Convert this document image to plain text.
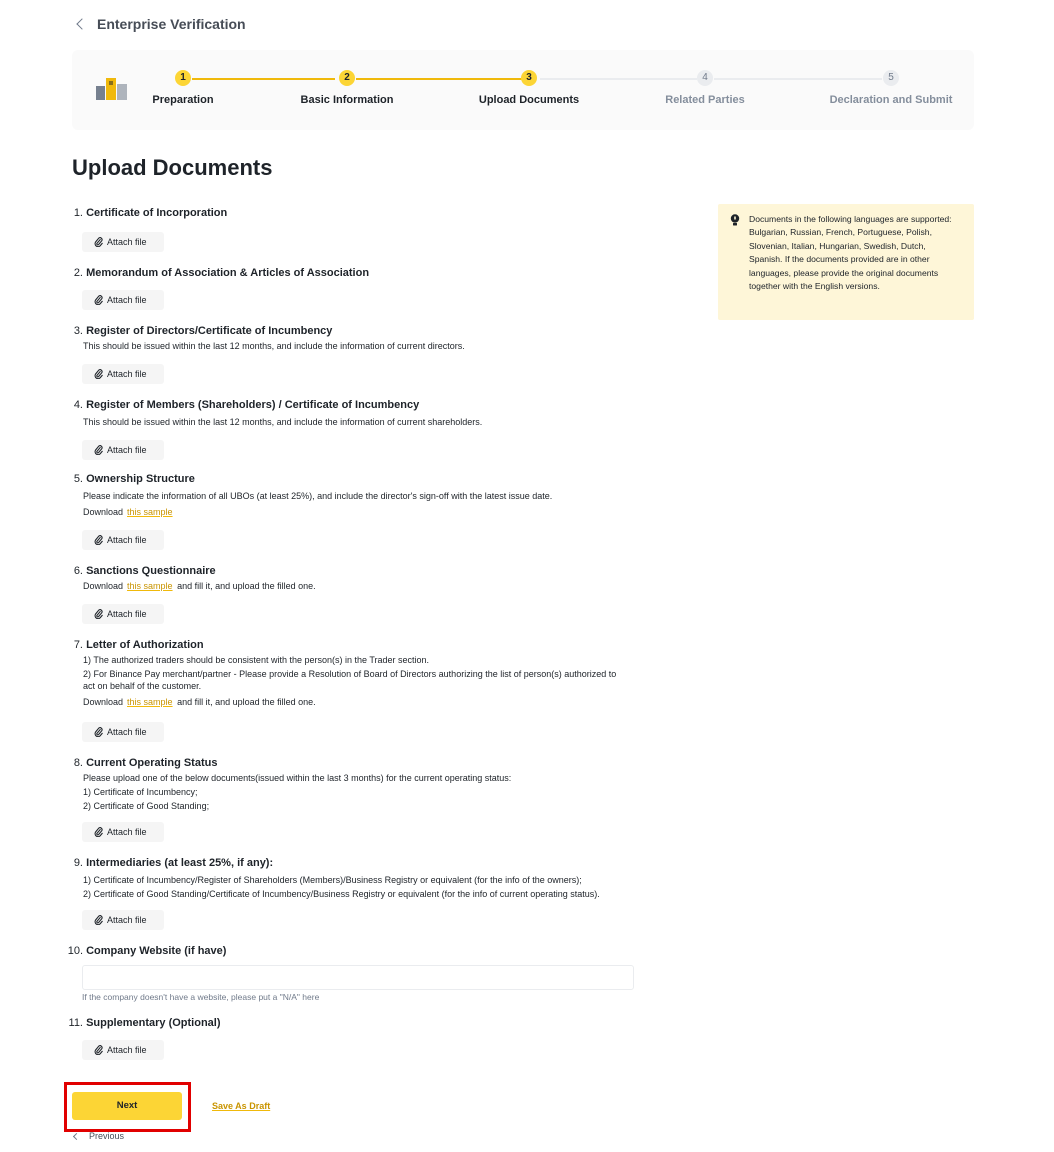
Enterprise Verification
1
Preparation
2
Basic Information
3
Upload Documents
4
Related Parties
5
Declaration and Submit
Upload Documents
Documents in the following languages are supported: Bulgarian, Russian, French, Portuguese, Polish, Slovenian, Italian, Hungarian, Swedish, Dutch, Spanish. If the documents provided are in other languages, please provide the original documents together with the English versions.
1. Certificate of Incorporation
Attach file
2. Memorandum of Association & Articles of Association
Attach file
3. Register of Directors/Certificate of Incumbency
This should be issued within the last 12 months, and include the information of current directors.
Attach file
4. Register of Members (Shareholders) / Certificate of Incumbency
This should be issued within the last 12 months, and include the information of current shareholders.
Attach file
5. Ownership Structure
Please indicate the information of all UBOs (at least 25%), and include the director's sign-off with the latest issue date.
Download this sample
Attach file
6. Sanctions Questionnaire
Download this sample and fill it, and upload the filled one.
Attach file
7. Letter of Authorization
1) The authorized traders should be consistent with the person(s) in the Trader section.
2) For Binance Pay merchant/partner - Please provide a Resolution of Board of Directors authorizing the list of person(s) authorized to act on behalf of the customer.
Download this sample and fill it, and upload the filled one.
Attach file
8. Current Operating Status
Please upload one of the below documents(issued within the last 3 months) for the current operating status:
1) Certificate of Incumbency;
2) Certificate of Good Standing;
Attach file
9. Intermediaries (at least 25%, if any):
1) Certificate of Incumbency/Register of Shareholders (Members)/Business Registry or equivalent (for the info of the owners);
2) Certificate of Good Standing/Certificate of Incumbency/Business Registry or equivalent (for the info of current operating status).
Attach file
10. Company Website (if have)
If the company doesn't have a website, please put a "N/A" here
11. Supplementary (Optional)
Attach file
Next	Save As Draft
Previous
